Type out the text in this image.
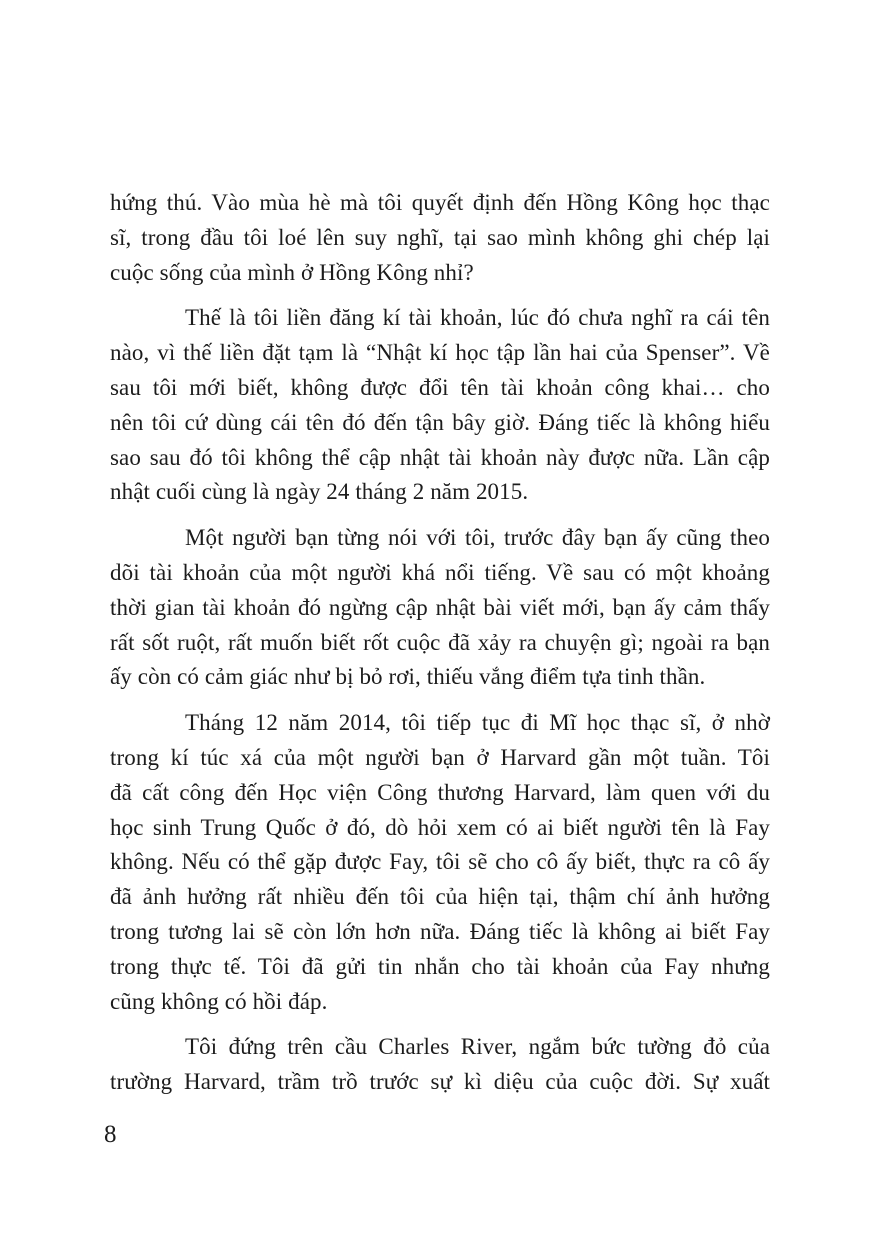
hứng thú. Vào mùa hè mà tôi quyết định đến Hồng Kông học thạc
sĩ, trong đầu tôi loé lên suy nghĩ, tại sao mình không ghi chép lại
cuộc sống của mình ở Hồng Kông nhỉ?
Thế là tôi liền đăng kí tài khoản, lúc đó chưa nghĩ ra cái tên
nào, vì thế liền đặt tạm là “Nhật kí học tập lần hai của Spenser”. Về
sau tôi mới biết, không được đổi tên tài khoản công khai… cho
nên tôi cứ dùng cái tên đó đến tận bây giờ. Đáng tiếc là không hiểu
sao sau đó tôi không thể cập nhật tài khoản này được nữa. Lần cập
nhật cuối cùng là ngày 24 tháng 2 năm 2015.
Một người bạn từng nói với tôi, trước đây bạn ấy cũng theo
dõi tài khoản của một người khá nổi tiếng. Về sau có một khoảng
thời gian tài khoản đó ngừng cập nhật bài viết mới, bạn ấy cảm thấy
rất sốt ruột, rất muốn biết rốt cuộc đã xảy ra chuyện gì; ngoài ra bạn
ấy còn có cảm giác như bị bỏ rơi, thiếu vắng điểm tựa tinh thần.
Tháng 12 năm 2014, tôi tiếp tục đi Mĩ học thạc sĩ, ở nhờ
trong kí túc xá của một người bạn ở Harvard gần một tuần. Tôi
đã cất công đến Học viện Công thương Harvard, làm quen với du
học sinh Trung Quốc ở đó, dò hỏi xem có ai biết người tên là Fay
không. Nếu có thể gặp được Fay, tôi sẽ cho cô ấy biết, thực ra cô ấy
đã ảnh hưởng rất nhiều đến tôi của hiện tại, thậm chí ảnh hưởng
trong tương lai sẽ còn lớn hơn nữa. Đáng tiếc là không ai biết Fay
trong thực tế. Tôi đã gửi tin nhắn cho tài khoản của Fay nhưng
cũng không có hồi đáp.
Tôi đứng trên cầu Charles River, ngắm bức tường đỏ của
trường Harvard, trầm trồ trước sự kì diệu của cuộc đời. Sự xuất
8
